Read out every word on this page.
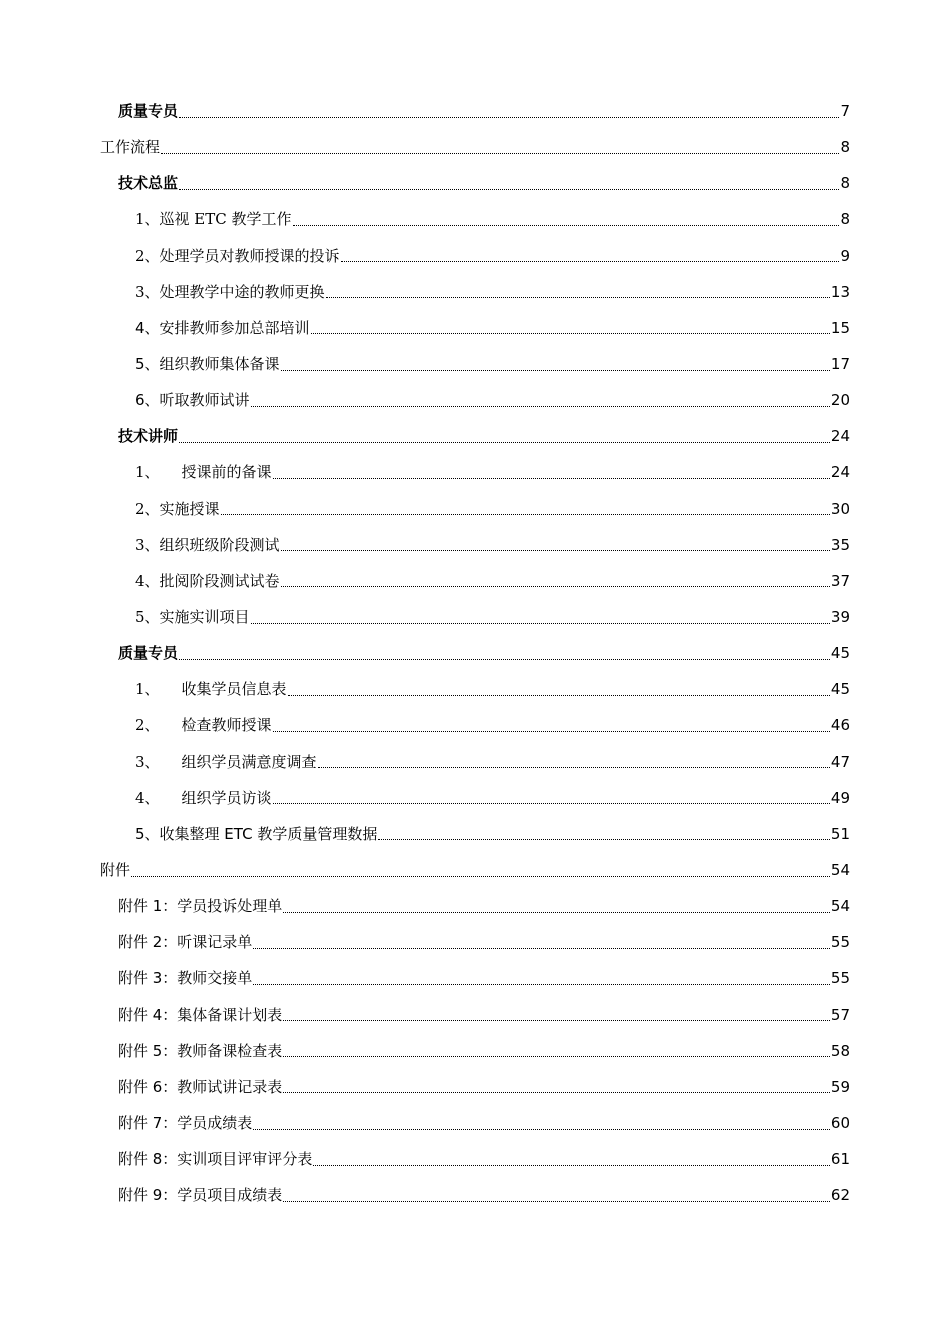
质量专员	7
工作流程	8
技术总监	8
1、巡视 ETC 教学工作	8
2、处理学员对教师授课的投诉	9
3、处理教学中途的教师更换	13
4、安排教师参加总部培训	15
5、组织教师集体备课	17
6、听取教师试讲	20
技术讲师	24
1、 授课前的备课	24
2、实施授课	30
3、组织班级阶段测试	35
4、批阅阶段测试试卷	37
5、实施实训项目	39
质量专员	45
1、 收集学员信息表	45
2、 检查教师授课	46
3、 组织学员满意度调查	47
4、 组织学员访谈	49
5、收集整理 ETC 教学质量管理数据	51
附件	54
附件 1：学员投诉处理单	54
附件 2：听课记录单	55
附件 3：教师交接单	55
附件 4：集体备课计划表	57
附件 5：教师备课检查表	58
附件 6：教师试讲记录表	59
附件 7：学员成绩表	60
附件 8：实训项目评审评分表	61
附件 9：学员项目成绩表	62
